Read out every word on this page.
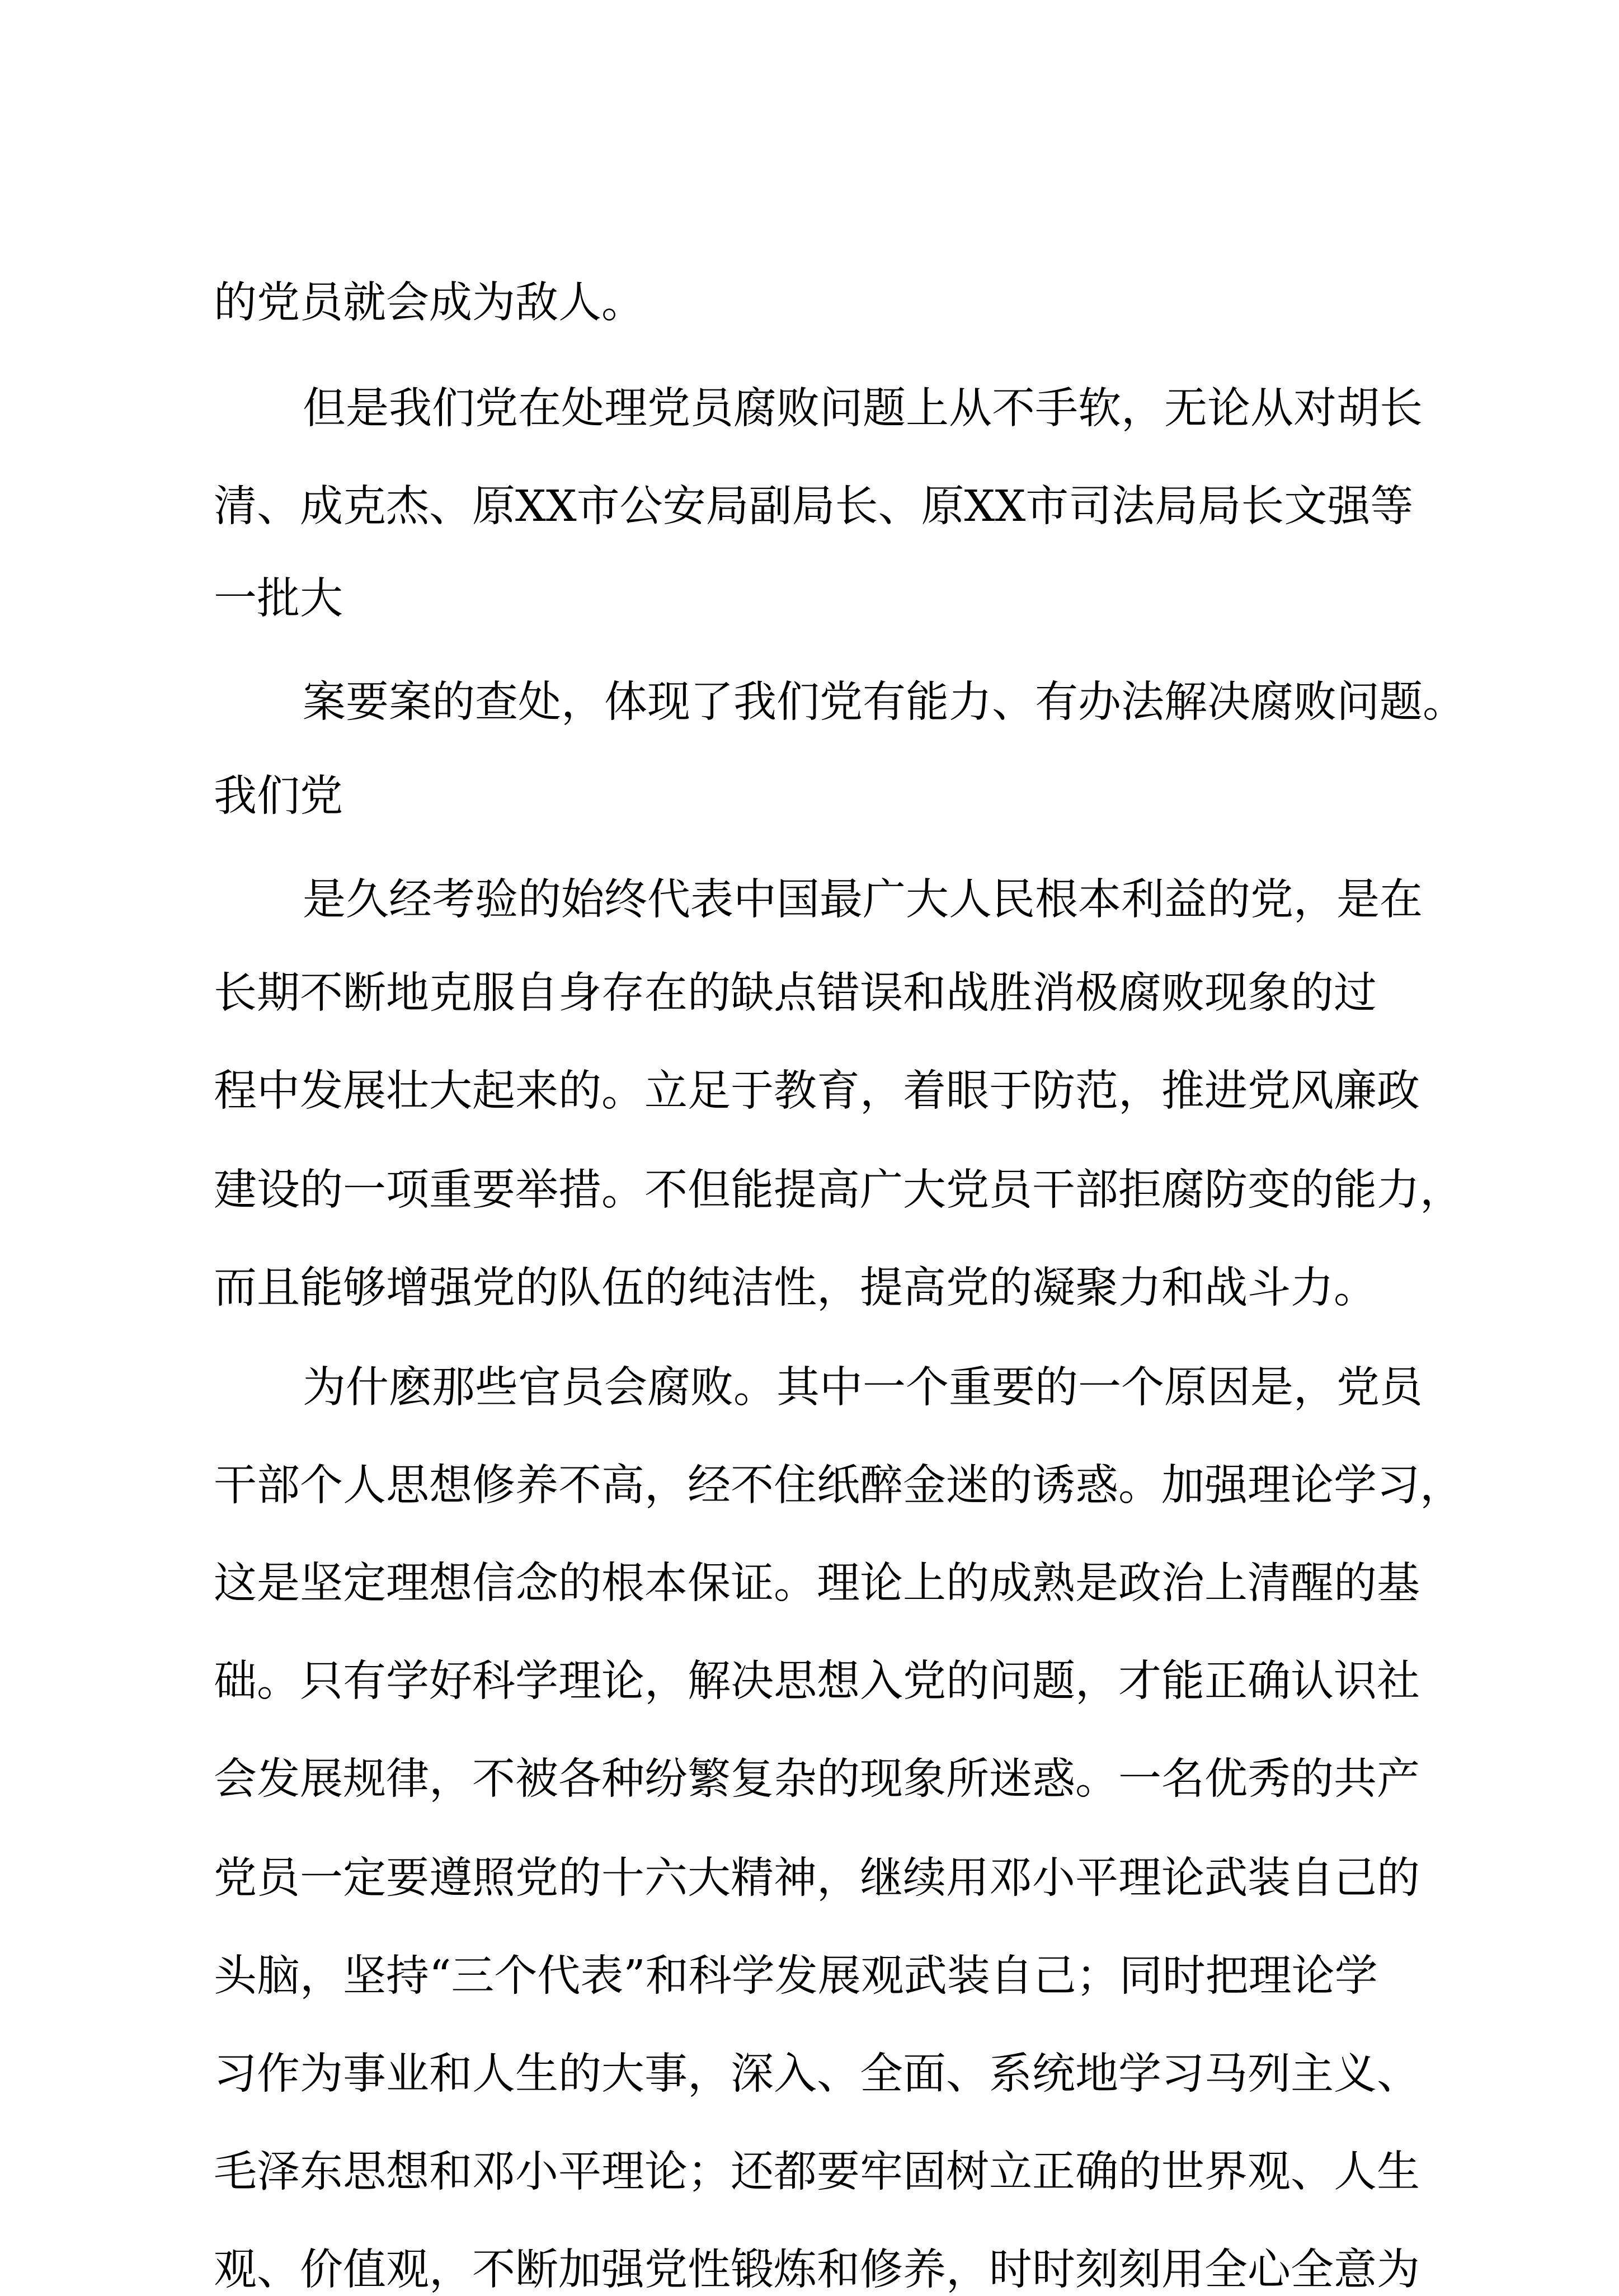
的党员就会成为敌人。
但是我们党在处理党员腐败问题上从不手软，无论从对胡长
清、成克杰、原XX市公安局副局长、原XX市司法局局长文强等
一批大
案要案的查处，体现了我们党有能力、有办法解决腐败问题。
我们党
是久经考验的始终代表中国最广大人民根本利益的党，是在
长期不断地克服自身存在的缺点错误和战胜消极腐败现象的过
程中发展壮大起来的。立足于教育，着眼于防范，推进党风廉政
建设的一项重要举措。不但能提高广大党员干部拒腐防变的能力，
而且能够增强党的队伍的纯洁性，提高党的凝聚力和战斗力。
为什麽那些官员会腐败。其中一个重要的一个原因是，党员
干部个人思想修养不高，经不住纸醉金迷的诱惑。加强理论学习，
这是坚定理想信念的根本保证。理论上的成熟是政治上清醒的基
础。只有学好科学理论，解决思想入党的问题，才能正确认识社
会发展规律，不被各种纷繁复杂的现象所迷惑。一名优秀的共产
党员一定要遵照党的十六大精神，继续用邓小平理论武装自己的
头脑，坚持“三个代表”和科学发展观武装自己；同时把理论学
习作为事业和人生的大事，深入、全面、系统地学习马列主义、
毛泽东思想和邓小平理论；还都要牢固树立正确的世界观、人生
观、价值观，不断加强党性锻炼和修养，时时刻刻用全心全意为
